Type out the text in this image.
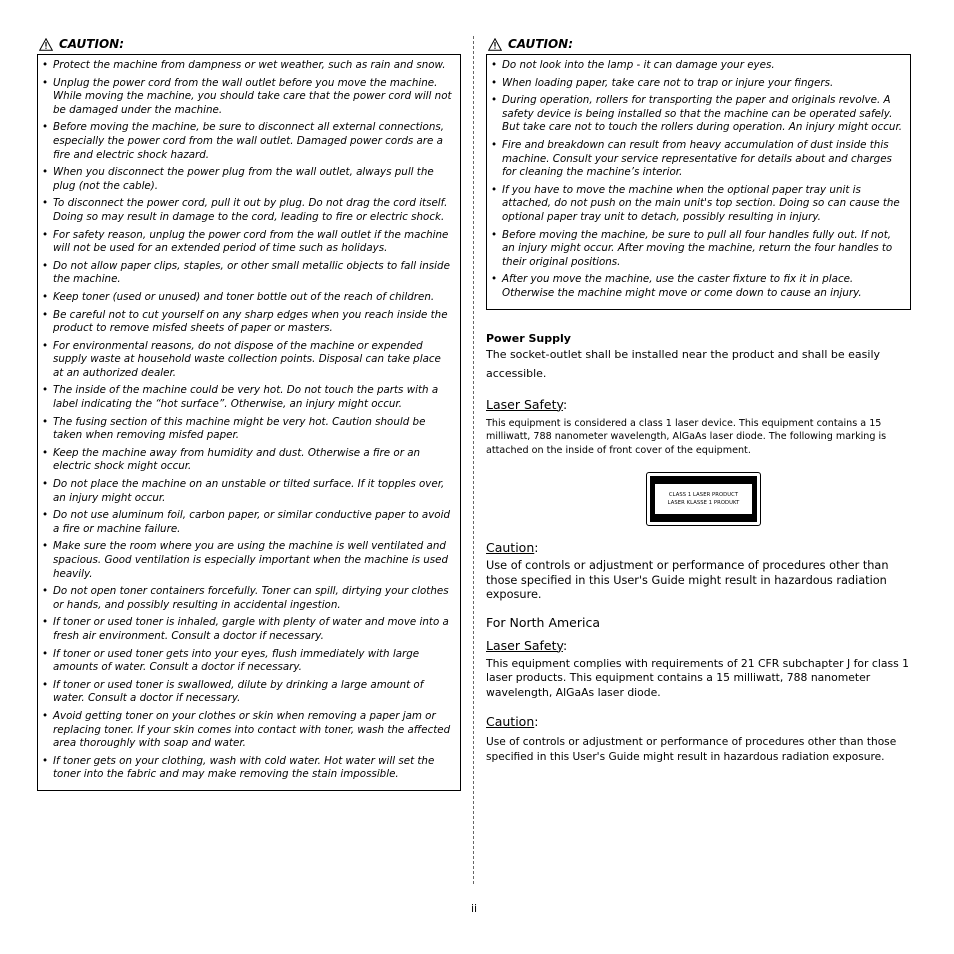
CAUTION:
• Protect the machine from dampness or wet weather, such as rain and snow.
• Unplug the power cord from the wall outlet before you move the machine. While moving the machine, you should take care that the power cord will not be damaged under the machine.
• Before moving the machine, be sure to disconnect all external connections, especially the power cord from the wall outlet. Damaged power cords are a fire and electric shock hazard.
• When you disconnect the power plug from the wall outlet, always pull the plug (not the cable).
• To disconnect the power cord, pull it out by plug. Do not drag the cord itself. Doing so may result in damage to the cord, leading to fire or electric shock.
• For safety reason, unplug the power cord from the wall outlet if the machine will not be used for an extended period of time such as holidays.
• Do not allow paper clips, staples, or other small metallic objects to fall inside the machine.
• Keep toner (used or unused) and toner bottle out of the reach of children.
• Be careful not to cut yourself on any sharp edges when you reach inside the product to remove misfed sheets of paper or masters.
• For environmental reasons, do not dispose of the machine or expended supply waste at household waste collection points. Disposal can take place at an authorized dealer.
• The inside of the machine could be very hot. Do not touch the parts with a label indicating the “hot surface”. Otherwise, an injury might occur.
• The fusing section of this machine might be very hot. Caution should be taken when removing misfed paper.
• Keep the machine away from humidity and dust. Otherwise a fire or an electric shock might occur.
• Do not place the machine on an unstable or tilted surface. If it topples over, an injury might occur.
• Do not use aluminum foil, carbon paper, or similar conductive paper to avoid a fire or machine failure.
• Make sure the room where you are using the machine is well ventilated and spacious. Good ventilation is especially important when the machine is used heavily.
• Do not open toner containers forcefully. Toner can spill, dirtying your clothes or hands, and possibly resulting in accidental ingestion.
• If toner or used toner is inhaled, gargle with plenty of water and move into a fresh air environment. Consult a doctor if necessary.
• If toner or used toner gets into your eyes, flush immediately with large amounts of water. Consult a doctor if necessary.
• If toner or used toner is swallowed, dilute by drinking a large amount of water. Consult a doctor if necessary.
• Avoid getting toner on your clothes or skin when removing a paper jam or replacing toner. If your skin comes into contact with toner, wash the affected area thoroughly with soap and water.
• If toner gets on your clothing, wash with cold water. Hot water will set the toner into the fabric and may make removing the stain impossible.
CAUTION:
• Do not look into the lamp - it can damage your eyes.
• When loading paper, take care not to trap or injure your fingers.
• During operation, rollers for transporting the paper and originals revolve. A safety device is being installed so that the machine can be operated safely. But take care not to touch the rollers during operation. An injury might occur.
• Fire and breakdown can result from heavy accumulation of dust inside this machine. Consult your service representative for details about and charges for cleaning the machine’s interior.
• If you have to move the machine when the optional paper tray unit is attached, do not push on the main unit's top section. Doing so can cause the optional paper tray unit to detach, possibly resulting in injury.
• Before moving the machine, be sure to pull all four handles fully out. If not, an injury might occur. After moving the machine, return the four handles to their original positions.
• After you move the machine, use the caster fixture to fix it in place. Otherwise the machine might move or come down to cause an injury.
Power Supply
The socket-outlet shall be installed near the product and shall be easily accessible.
Laser Safety:
This equipment is considered a class 1 laser device. This equipment contains a 15 milliwatt, 788 nanometer wavelength, AlGaAs laser diode. The following marking is attached on the inside of front cover of the equipment.
CLASS 1 LASER PRODUCT
LASER KLASSE 1 PRODUKT
Caution:
Use of controls or adjustment or performance of procedures other than those specified in this User's Guide might result in hazardous radiation exposure.
For North America
Laser Safety:
This equipment complies with requirements of 21 CFR subchapter J for class 1 laser products. This equipment contains a 15 milliwatt, 788 nanometer wavelength, AlGaAs laser diode.
Caution:
Use of controls or adjustment or performance of procedures other than those specified in this User's Guide might result in hazardous radiation exposure.
ii
